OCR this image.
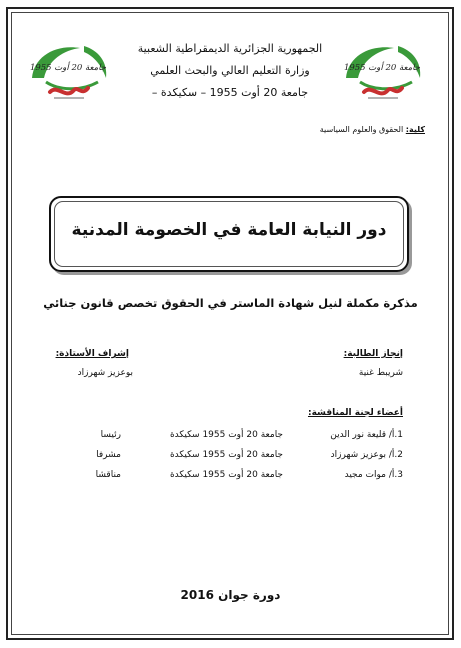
جامعة 20 أوت 1955	جامعة 20 أوت 1955
الجمهورية الجزائرية الديمقراطية الشعبية
وزارة التعليم العالي والبحث العلمي
جامعة 20 أوت 1955 – سكيكدة –
كلية: الحقوق والعلوم السياسية
دور النيابة العامة في الخصومة المدنية
مذكرة مكملة لنيل شهادة الماستر في الحقوق تخصص قانون جنائي
إنجاز الطالبة:
شريبط غنية
إشراف الأستاذة:
بوعزيز شهرزاد
أعضاء لجنة المناقشة:
1.أ/ قليعة نور الدين
جامعة 20 أوت 1955 سكيكدة
رئيسا
2.أ/ بوعزيز شهرزاد
جامعة 20 أوت 1955 سكيكدة
مشرفا
3.أ/ موات مجيد
جامعة 20 أوت 1955 سكيكدة
مناقشا
دورة جوان 2016
